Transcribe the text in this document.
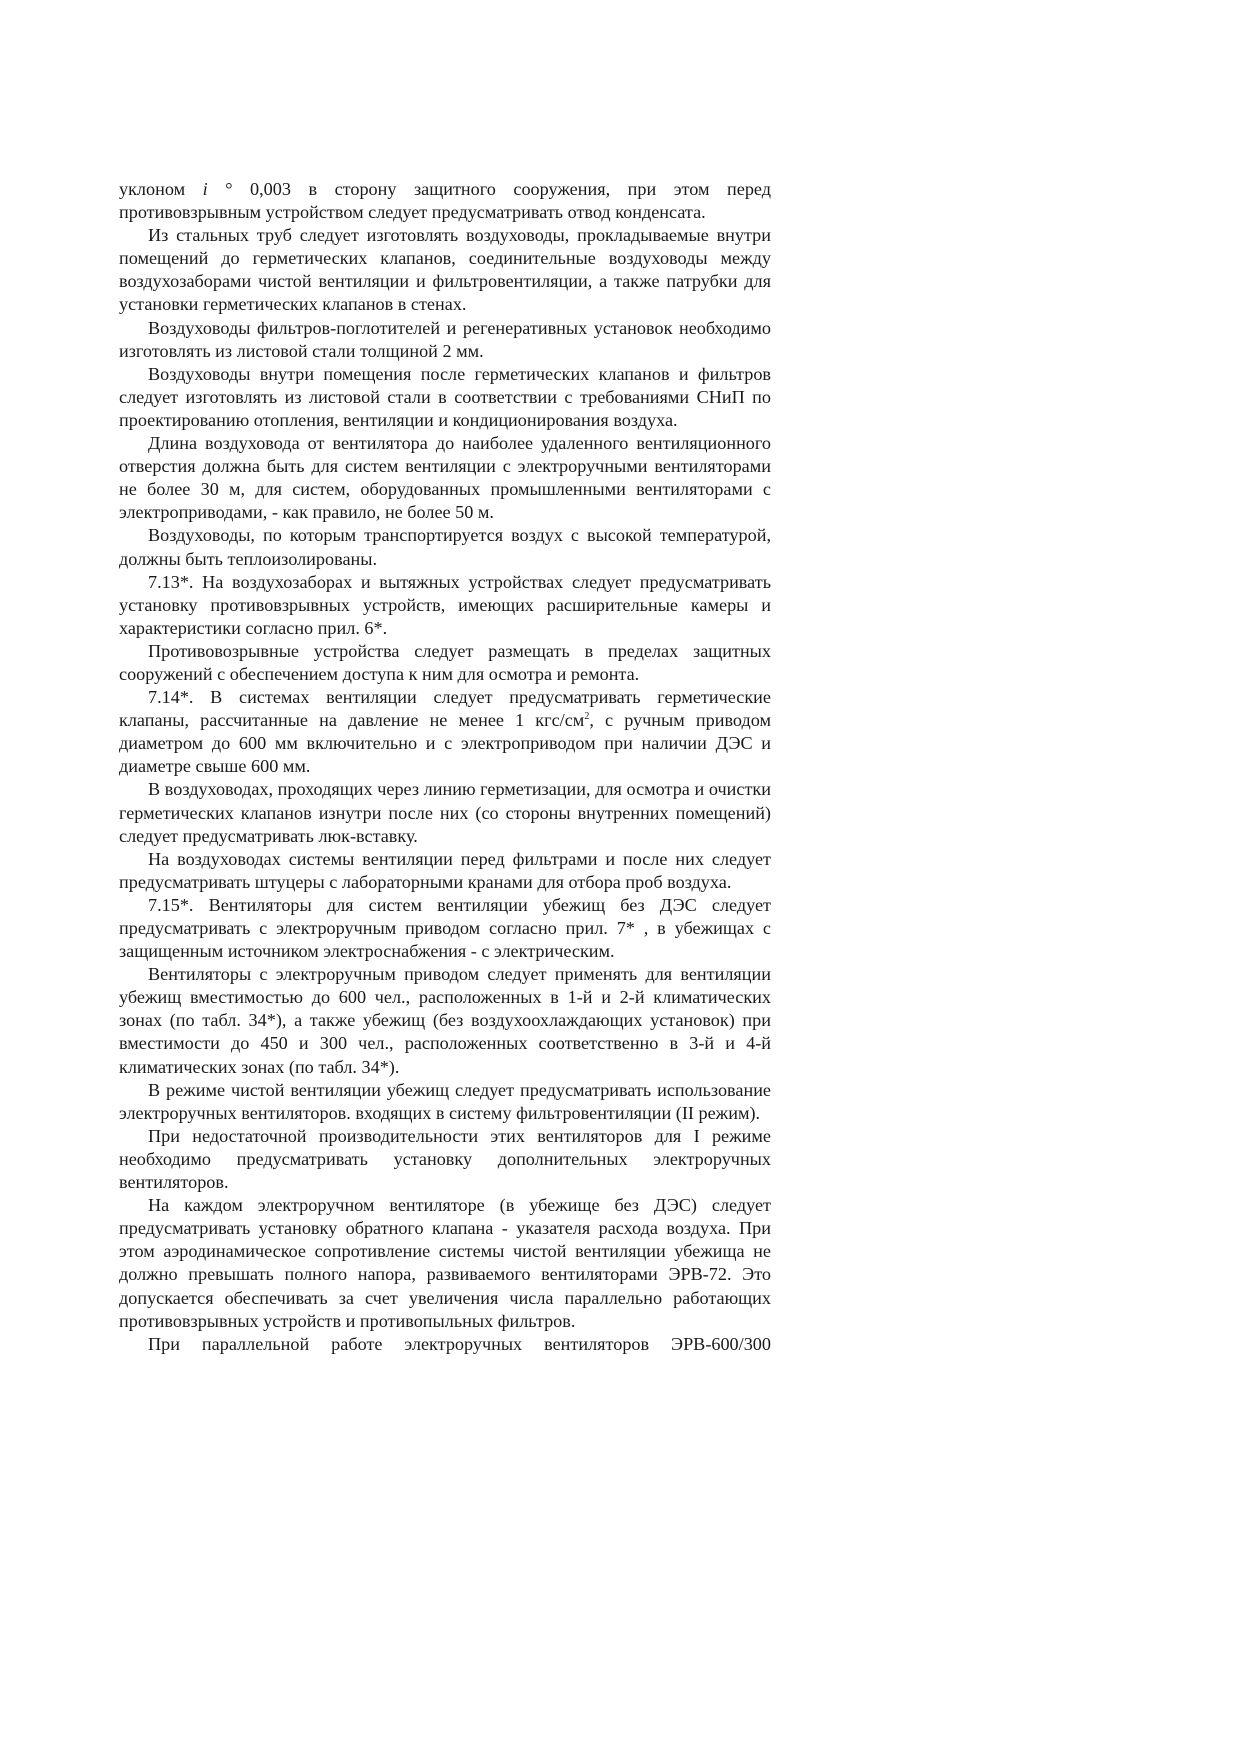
уклоном i ° 0,003 в сторону защитного сооружения, при этом перед противовзрывным устройством следует предусматривать отвод конденсата.

Из стальных труб следует изготовлять воздуховоды, прокладываемые внутри помещений до герметических клапанов, соединительные воздуховоды между воздухозаборами чистой вентиляции и фильтровентиляции, а также патрубки для установки герметических клапанов в стенах.

Воздуховоды фильтров-поглотителей и регенеративных установок необходимо изготовлять из листовой стали толщиной 2 мм.

Воздуховоды внутри помещения после герметических клапанов и фильтров следует изготовлять из листовой стали в соответствии с требованиями СНиП по проектированию отопления, вентиляции и кондиционирования воздуха.

Длина воздуховода от вентилятора до наиболее удаленного вентиляционного отверстия должна быть для систем вентиляции с электроручными вентиляторами не более 30 м, для систем, оборудованных промышленными вентиляторами с электроприводами, - как правило, не более 50 м.

Воздуховоды, по которым транспортируется воздух с высокой температурой, должны быть теплоизолированы.

7.13*. На воздухозаборах и вытяжных устройствах следует предусматривать установку противовзрывных устройств, имеющих расширительные камеры и характеристики согласно прил. 6*.

Противовозрывные устройства следует размещать в пределах защитных сооружений с обеспечением доступа к ним для осмотра и ремонта.

7.14*. В системах вентиляции следует предусматривать герметические клапаны, рассчитанные на давление не менее 1 кгс/$см^2$, с ручным приводом диаметром до 600 мм включительно и с электроприводом при наличии ДЭС и диаметре свыше 600 мм.

В воздуховодах, проходящих через линию герметизации, для осмотра и очистки герметических клапанов изнутри после них (со стороны внутренних помещений) следует предусматривать люк-вставку.

На воздуховодах системы вентиляции перед фильтрами и после них следует предусматривать штуцеры с лабораторными кранами для отбора проб воздуха.

7.15*. Вентиляторы для систем вентиляции убежищ без ДЭС следует предусматривать с электроручным приводом согласно прил. 7* , в убежищах с защищенным источником электроснабжения - с электрическим.

Вентиляторы с электроручным приводом следует применять для вентиляции убежищ вместимостью до 600 чел., расположенных в 1-й и 2-й климатических зонах (по табл. 34*), а также убежищ (без воздухоохлаждающих установок) при вместимости до 450 и 300 чел., расположенных соответственно в 3-й и 4-й климатических зонах (по табл. 34*).

В режиме чистой вентиляции убежищ следует предусматривать использование электроручных вентиляторов. входящих в систему фильтровентиляции (II режим).

При недостаточной производительности этих вентиляторов для I режиме необходимо предусматривать установку дополнительных электроручных вентиляторов.

На каждом электроручном вентиляторе (в убежище без ДЭС) следует предусматривать установку обратного клапана - указателя расхода воздуха. При этом аэродинамическое сопротивление системы чистой вентиляции убежища не должно превышать полного напора, развиваемого вентиляторами ЭРВ-72. Это допускается обеспечивать за счет увеличения числа параллельно работающих противовзрывных устройств и противопыльных фильтров.

При параллельной работе электроручных вентиляторов ЭРВ-600/300
